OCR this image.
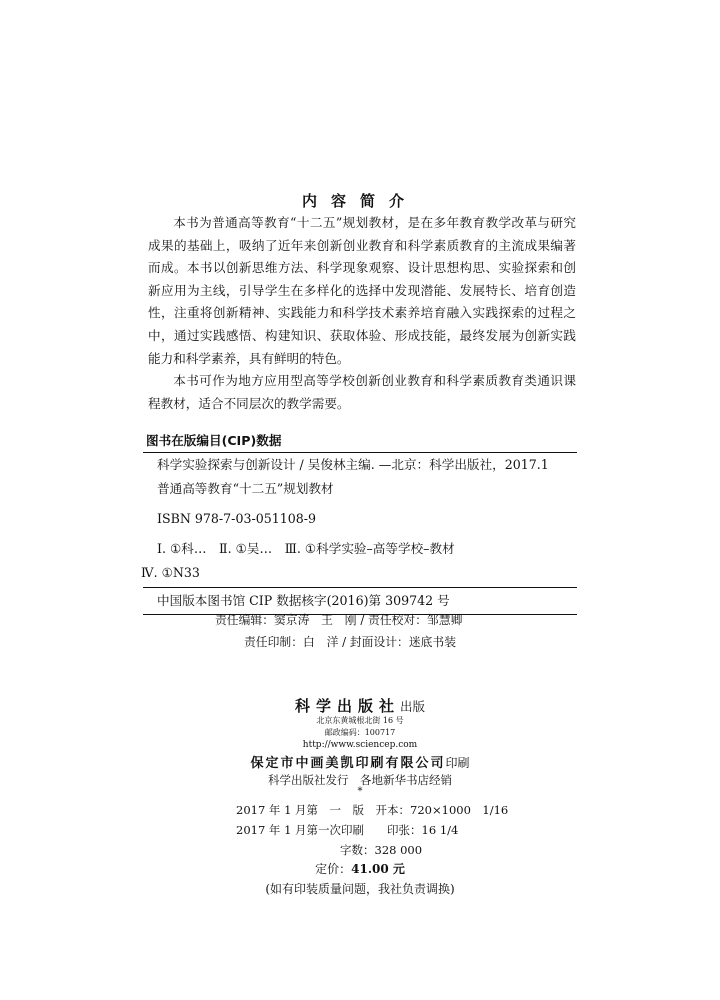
内容简介

本书为普通高等教育“十二五”规划教材，是在多年教育教学改革与研究成果的基础上，吸纳了近年来创新创业教育和科学素质教育的主流成果编著而成。本书以创新思维方法、科学现象观察、设计思想构思、实验探索和创新应用为主线，引导学生在多样化的选择中发现潜能、发展特长、培育创造性，注重将创新精神、实践能力和科学技术素养培育融入实践探索的过程之中，通过实践感悟、构建知识、获取体验、形成技能，最终发展为创新实践能力和科学素养，具有鲜明的特色。

本书可作为地方应用型高等学校创新创业教育和科学素质教育类通识课程教材，适合不同层次的教学需要。

图书在版编目(CIP)数据
科学实验探索与创新设计 / 吴俊林主编. —北京：科学出版社，2017.1
普通高等教育“十二五”规划教材
ISBN 978-7-03-051108-9
Ⅰ. ①科…　Ⅱ. ①吴…　Ⅲ. ①科学实验–高等学校–教材
Ⅳ. ①N33
中国版本图书馆 CIP 数据核字(2016)第 309742 号
责任编辑：窦京涛　王　刚 / 责任校对：邹慧卿
责任印制：白　洋 / 封面设计：迷底书装
科学出版社出版
北京东黄城根北街 16 号
邮政编码：100717
http://www.sciencep.com
保定市中画美凯印刷有限公司印刷
科学出版社发行　各地新华书店经销
*
2017 年 1 月第　一　版　开本：720×1000　1/16
2017 年 1 月第一次印刷　　印张：16 1/4
字数：328 000
定价：41.00 元
(如有印装质量问题，我社负责调换)
